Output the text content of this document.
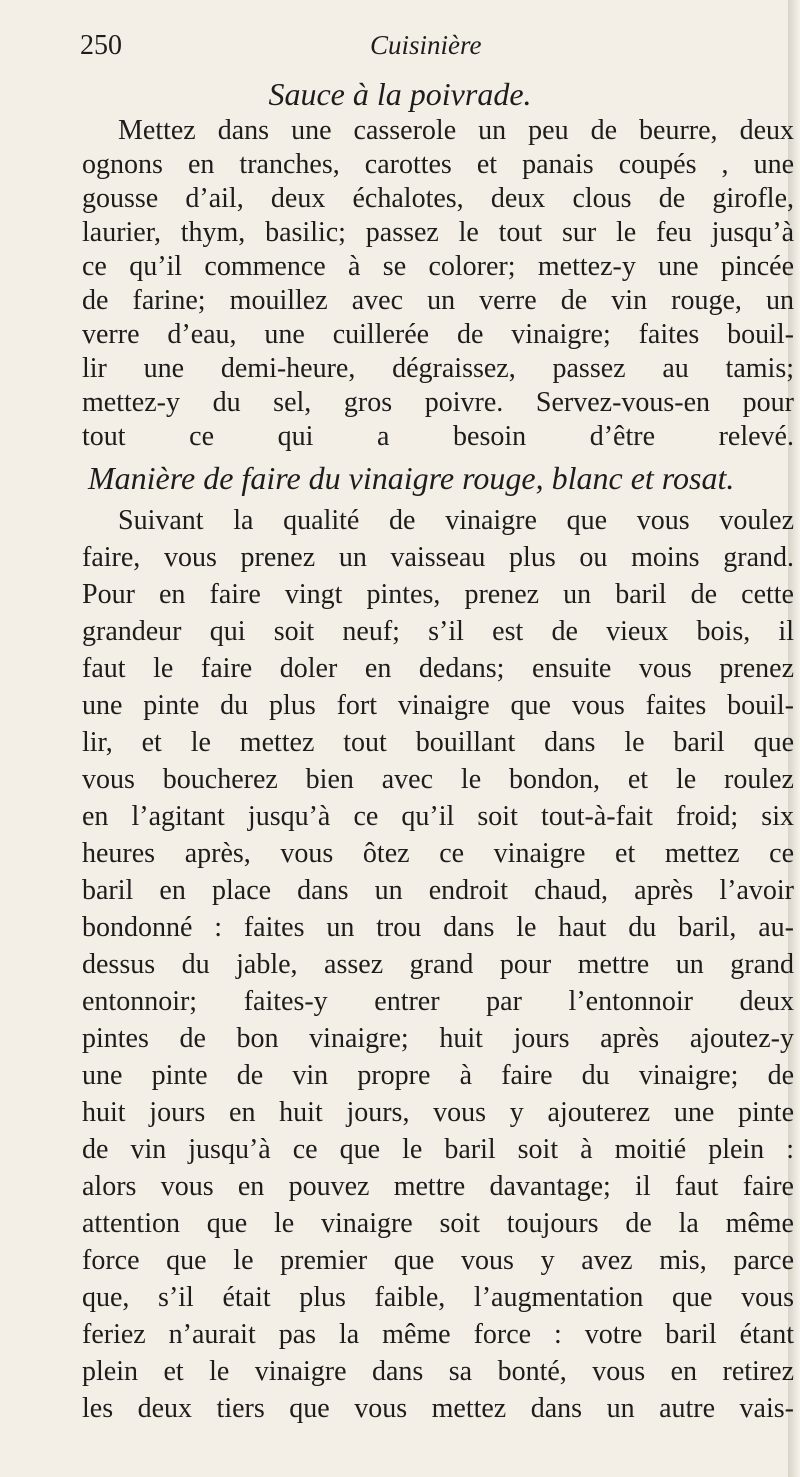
250	Cuisinière
Sauce à la poivrade.
Mettez dans une casserole un peu de beurre, deux
ognons en tranches, carottes et panais coupés , une
gousse d’ail, deux échalotes, deux clous de girofle,
laurier, thym, basilic; passez le tout sur le feu jusqu’à
ce qu’il commence à se colorer; mettez-y une pincée
de farine; mouillez avec un verre de vin rouge, un
verre d’eau, une cuillerée de vinaigre; faites bouil-
lir une demi-heure, dégraissez, passez au tamis;
mettez-y du sel, gros poivre. Servez-vous-en pour
tout ce qui a besoin d’être relevé.
Manière de faire du vinaigre rouge, blanc et rosat.
Suivant la qualité de vinaigre que vous voulez
faire, vous prenez un vaisseau plus ou moins grand.
Pour en faire vingt pintes, prenez un baril de cette
grandeur qui soit neuf; s’il est de vieux bois, il
faut le faire doler en dedans; ensuite vous prenez
une pinte du plus fort vinaigre que vous faites bouil-
lir, et le mettez tout bouillant dans le baril que
vous boucherez bien avec le bondon, et le roulez
en l’agitant jusqu’à ce qu’il soit tout-à-fait froid; six
heures après, vous ôtez ce vinaigre et mettez ce
baril en place dans un endroit chaud, après l’avoir
bondonné : faites un trou dans le haut du baril, au-
dessus du jable, assez grand pour mettre un grand
entonnoir; faites-y entrer par l’entonnoir deux
pintes de bon vinaigre; huit jours après ajoutez-y
une pinte de vin propre à faire du vinaigre; de
huit jours en huit jours, vous y ajouterez une pinte
de vin jusqu’à ce que le baril soit à moitié plein :
alors vous en pouvez mettre davantage; il faut faire
attention que le vinaigre soit toujours de la même
force que le premier que vous y avez mis, parce
que, s’il était plus faible, l’augmentation que vous
feriez n’aurait pas la même force : votre baril étant
plein et le vinaigre dans sa bonté, vous en retirez
les deux tiers que vous mettez dans un autre vais-
